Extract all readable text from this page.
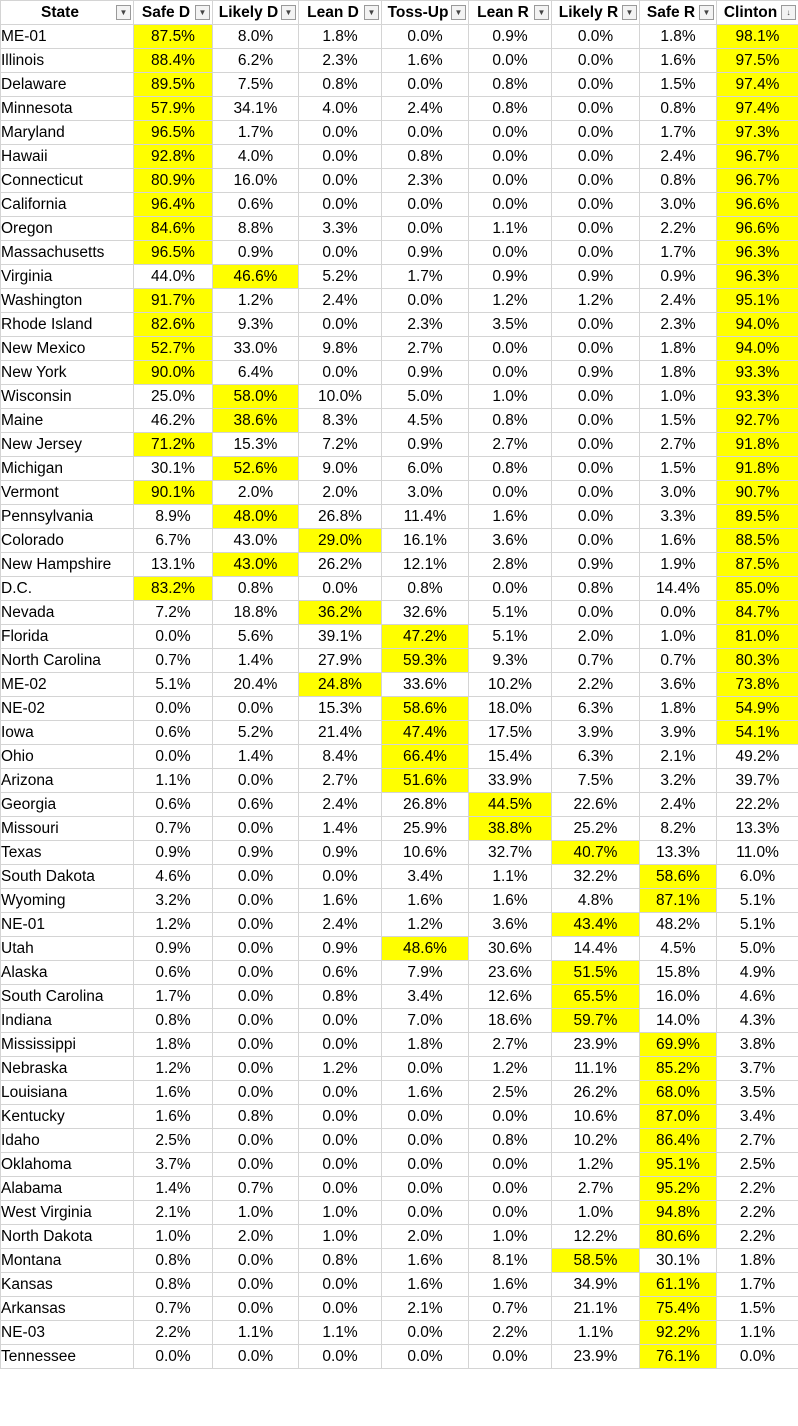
State ▼	Safe D ▼	Likely D ▼	Lean D ▼	Toss-Up ▼	Lean R ▼	Likely R ▼	Safe R ▼	Clinton ↓

ME-01	87.5%	8.0%	1.8%	0.0%	0.9%	0.0%	1.8%	98.1%
Illinois	88.4%	6.2%	2.3%	1.6%	0.0%	0.0%	1.6%	97.5%
Delaware	89.5%	7.5%	0.8%	0.0%	0.8%	0.0%	1.5%	97.4%
Minnesota	57.9%	34.1%	4.0%	2.4%	0.8%	0.0%	0.8%	97.4%
Maryland	96.5%	1.7%	0.0%	0.0%	0.0%	0.0%	1.7%	97.3%
Hawaii	92.8%	4.0%	0.0%	0.8%	0.0%	0.0%	2.4%	96.7%
Connecticut	80.9%	16.0%	0.0%	2.3%	0.0%	0.0%	0.8%	96.7%
California	96.4%	0.6%	0.0%	0.0%	0.0%	0.0%	3.0%	96.6%
Oregon	84.6%	8.8%	3.3%	0.0%	1.1%	0.0%	2.2%	96.6%
Massachusetts	96.5%	0.9%	0.0%	0.9%	0.0%	0.0%	1.7%	96.3%
Virginia	44.0%	46.6%	5.2%	1.7%	0.9%	0.9%	0.9%	96.3%
Washington	91.7%	1.2%	2.4%	0.0%	1.2%	1.2%	2.4%	95.1%
Rhode Island	82.6%	9.3%	0.0%	2.3%	3.5%	0.0%	2.3%	94.0%
New Mexico	52.7%	33.0%	9.8%	2.7%	0.0%	0.0%	1.8%	94.0%
New York	90.0%	6.4%	0.0%	0.9%	0.0%	0.9%	1.8%	93.3%
Wisconsin	25.0%	58.0%	10.0%	5.0%	1.0%	0.0%	1.0%	93.3%
Maine	46.2%	38.6%	8.3%	4.5%	0.8%	0.0%	1.5%	92.7%
New Jersey	71.2%	15.3%	7.2%	0.9%	2.7%	0.0%	2.7%	91.8%
Michigan	30.1%	52.6%	9.0%	6.0%	0.8%	0.0%	1.5%	91.8%
Vermont	90.1%	2.0%	2.0%	3.0%	0.0%	0.0%	3.0%	90.7%
Pennsylvania	8.9%	48.0%	26.8%	11.4%	1.6%	0.0%	3.3%	89.5%
Colorado	6.7%	43.0%	29.0%	16.1%	3.6%	0.0%	1.6%	88.5%
New Hampshire	13.1%	43.0%	26.2%	12.1%	2.8%	0.9%	1.9%	87.5%
D.C.	83.2%	0.8%	0.0%	0.8%	0.0%	0.8%	14.4%	85.0%
Nevada	7.2%	18.8%	36.2%	32.6%	5.1%	0.0%	0.0%	84.7%
Florida	0.0%	5.6%	39.1%	47.2%	5.1%	2.0%	1.0%	81.0%
North Carolina	0.7%	1.4%	27.9%	59.3%	9.3%	0.7%	0.7%	80.3%
ME-02	5.1%	20.4%	24.8%	33.6%	10.2%	2.2%	3.6%	73.8%
NE-02	0.0%	0.0%	15.3%	58.6%	18.0%	6.3%	1.8%	54.9%
Iowa	0.6%	5.2%	21.4%	47.4%	17.5%	3.9%	3.9%	54.1%
Ohio	0.0%	1.4%	8.4%	66.4%	15.4%	6.3%	2.1%	49.2%
Arizona	1.1%	0.0%	2.7%	51.6%	33.9%	7.5%	3.2%	39.7%
Georgia	0.6%	0.6%	2.4%	26.8%	44.5%	22.6%	2.4%	22.2%
Missouri	0.7%	0.0%	1.4%	25.9%	38.8%	25.2%	8.2%	13.3%
Texas	0.9%	0.9%	0.9%	10.6%	32.7%	40.7%	13.3%	11.0%
South Dakota	4.6%	0.0%	0.0%	3.4%	1.1%	32.2%	58.6%	6.0%
Wyoming	3.2%	0.0%	1.6%	1.6%	1.6%	4.8%	87.1%	5.1%
NE-01	1.2%	0.0%	2.4%	1.2%	3.6%	43.4%	48.2%	5.1%
Utah	0.9%	0.0%	0.9%	48.6%	30.6%	14.4%	4.5%	5.0%
Alaska	0.6%	0.0%	0.6%	7.9%	23.6%	51.5%	15.8%	4.9%
South Carolina	1.7%	0.0%	0.8%	3.4%	12.6%	65.5%	16.0%	4.6%
Indiana	0.8%	0.0%	0.0%	7.0%	18.6%	59.7%	14.0%	4.3%
Mississippi	1.8%	0.0%	0.0%	1.8%	2.7%	23.9%	69.9%	3.8%
Nebraska	1.2%	0.0%	1.2%	0.0%	1.2%	11.1%	85.2%	3.7%
Louisiana	1.6%	0.0%	0.0%	1.6%	2.5%	26.2%	68.0%	3.5%
Kentucky	1.6%	0.8%	0.0%	0.0%	0.0%	10.6%	87.0%	3.4%
Idaho	2.5%	0.0%	0.0%	0.0%	0.8%	10.2%	86.4%	2.7%
Oklahoma	3.7%	0.0%	0.0%	0.0%	0.0%	1.2%	95.1%	2.5%
Alabama	1.4%	0.7%	0.0%	0.0%	0.0%	2.7%	95.2%	2.2%
West Virginia	2.1%	1.0%	1.0%	0.0%	0.0%	1.0%	94.8%	2.2%
North Dakota	1.0%	2.0%	1.0%	2.0%	1.0%	12.2%	80.6%	2.2%
Montana	0.8%	0.0%	0.8%	1.6%	8.1%	58.5%	30.1%	1.8%
Kansas	0.8%	0.0%	0.0%	1.6%	1.6%	34.9%	61.1%	1.7%
Arkansas	0.7%	0.0%	0.0%	2.1%	0.7%	21.1%	75.4%	1.5%
NE-03	2.2%	1.1%	1.1%	0.0%	2.2%	1.1%	92.2%	1.1%
Tennessee	0.0%	0.0%	0.0%	0.0%	0.0%	23.9%	76.1%	0.0%
